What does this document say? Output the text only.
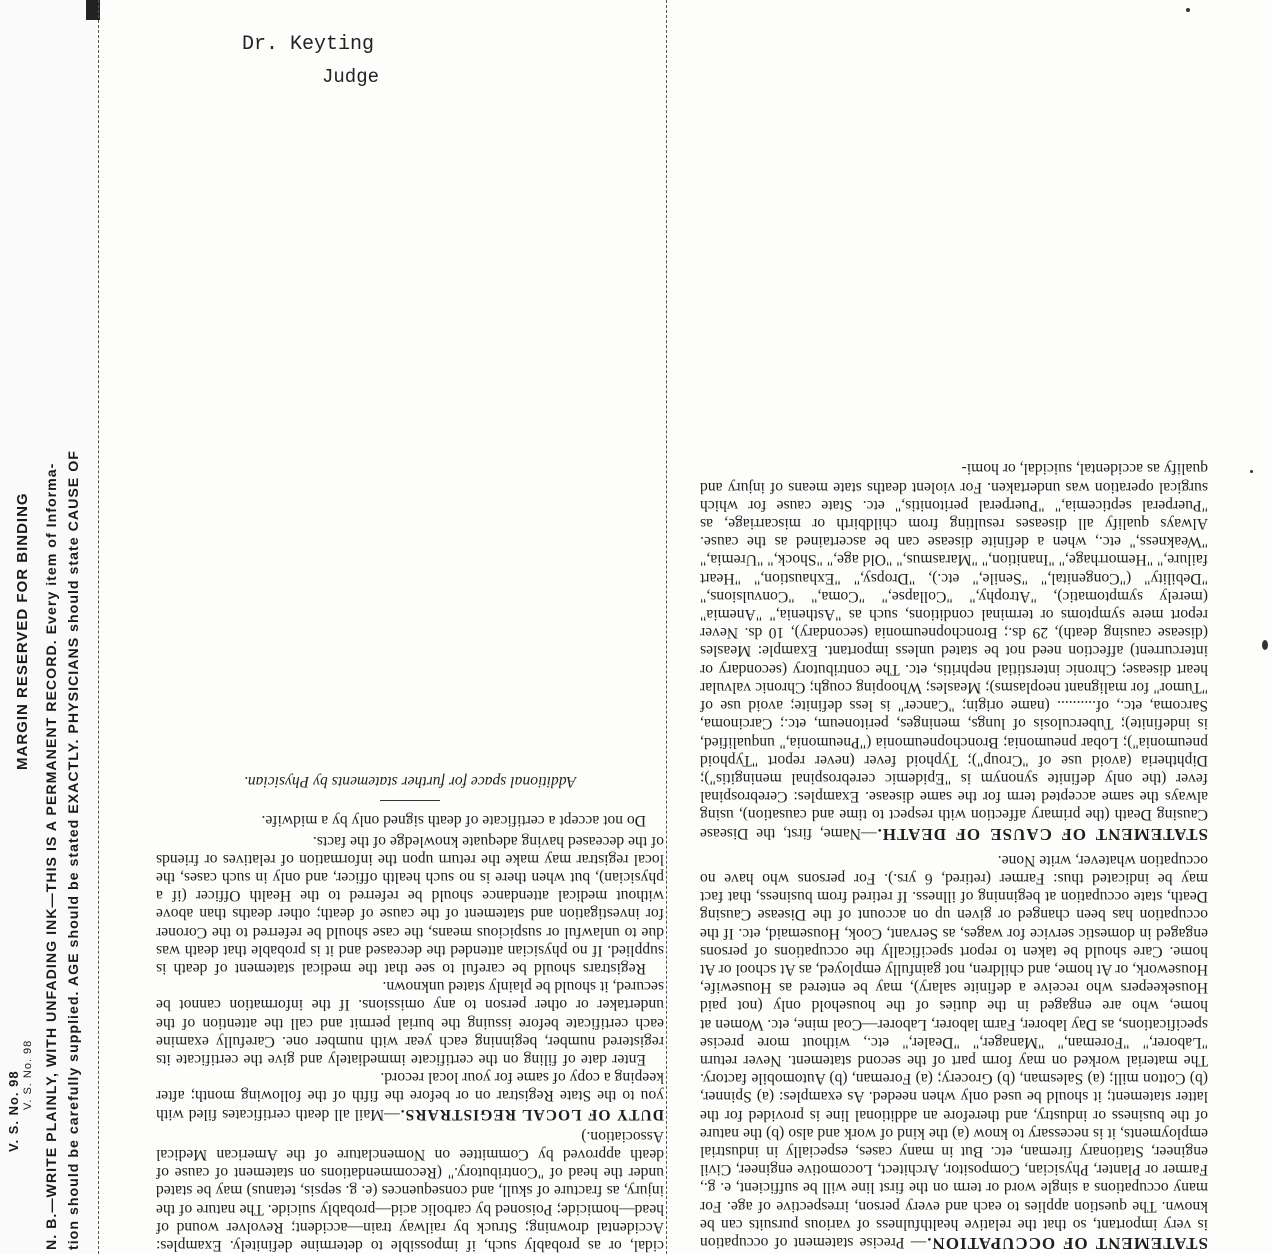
MARGIN RESERVED FOR BINDING
V. S. No. 98 V. S. No. 98 N. B.—WRITE PLAINLY, WITH UNFADING INK—THIS IS A PERMANENT RECORD. Every item of Informa- tion should be carefully supplied. AGE should be stated EXACTLY. PHYSICIANS should state CAUSE OF
Dr. Keyting
Judge

cidal, or as probably such, if impossible to determine definitely. Examples: Accidental drowning; Struck by railway train—accident; Revolver wound of head—homicide; Poisoned by carbolic acid—probably suicide. The nature of the injury, as fracture of skull, and consequences (e. g. sepsis, tetanus) may be stated under the head of "Contributory." (Recommendations on statement of cause of death approved by Committee on Nomenclature of the American Medical Association.)

DUTY OF LOCAL REGISTRARS.—Mail all death certificates filed with you to the State Registrar on or before the fifth of the following month; after keeping a copy of same for your local record.

Enter date of filing on the certificate immediately and give the certificate its registered number, beginning each year with number one. Carefully examine each certificate before issuing the burial permit and call the attention of the undertaker or other person to any omissions. If the information cannot be secured, it should be plainly stated unknown.

Registrars should be careful to see that the medical statement of death is supplied. If no physician attended the deceased and it is probable that death was due to unlawful or suspicious means, the case should be referred to the Coroner for investigation and statement of the cause of death; other deaths than above without medical attendance should be referred to the Health Officer (if a physician), but when there is no such health officer, and only in such cases, the local registrar may make the return upon the information of relatives or friends of the deceased having adequate knowledge of the facts.

Do not accept a certificate of death signed only by a midwife.

Additional space for further statements by Physician.

STATEMENT OF OCCUPATION.— Precise statement of occupation is very important, so that the relative healthfulness of various pursuits can be known. The question applies to each and every person, irrespective of age. For many occupations a single word or term on the first line will be sufficient, e. g., Farmer or Planter, Physician, Compositor, Architect, Locomotive engineer, Civil engineer, Stationary fireman, etc. But in many cases, especially in industrial employments, it is necessary to know (a) the kind of work and also (b) the nature of the business or industry, and therefore an additional line is provided for the latter statement; it should be used only when needed. As examples: (a) Spinner, (b) Cotton mill; (a) Salesman, (b) Grocery; (a) Foreman, (b) Automobile factory. The material worked on may form part of the second statement. Never return "Laborer," "Foreman," "Manager," "Dealer," etc., without more precise specifications, as Day laborer, Farm laborer, Laborer—Coal mine, etc. Women at home, who are engaged in the duties of the household only (not paid Housekeepers who receive a definite salary), may be entered as Housewife, Housework, or At home, and children, not gainfully employed, as At school or At home. Care should be taken to report specifically the occupations of persons engaged in domestic service for wages, as Servant, Cook, Housemaid, etc. If the occupation has been changed or given up on account of the Disease Causing Death, state occupation at beginning of illness. If retired from business, that fact may be indicated thus: Farmer (retired, 6 yrs.). For persons who have no occupation whatever, write None.

STATEMENT OF CAUSE OF DEATH.—Name, first, the Disease Causing Death (the primary affection with respect to time and causation), using always the same accepted term for the same disease. Examples: Cerebrospinal fever (the only definite synonym is "Epidemic cerebrospinal meningitis"); Diphtheria (avoid use of "Croup"); Typhoid fever (never report "Typhoid pneumonia"); Lobar pneumonia; Bronchopneumonia ("Pneumonia," unqualified, is indefinite); Tuberculosis of lungs, meninges, peritoneum, etc.; Carcinoma, Sarcoma, etc., of.......... (name origin; "Cancer" is less definite; avoid use of "Tumor" for malignant neoplasms); Measles; Whooping cough; Chronic valvular heart disease; Chronic interstitial nephritis, etc. The contributory (secondary or intercurrent) affection need not be stated unless important. Example: Measles (disease causing death), 29 ds.; Bronchopneumonia (secondary), 10 ds. Never report mere symptoms or terminal conditions, such as "Asthenia," "Anemia" (merely symptomatic), "Atrophy," "Collapse," "Coma," "Convulsions," "Debility" ("Congenital," "Senile," etc.), "Dropsy," "Exhaustion," "Heart failure," "Hemorrhage," "Inanition," "Marasmus," "Old age," "Shock," "Uremia," "Weakness," etc., when a definite disease can be ascertained as the cause. Always qualify all diseases resulting from childbirth or miscarriage, as "Puerperal septicemia," "Puerperal peritonitis," etc. State cause for which surgical operation was undertaken. For violent deaths state means of injury and qualify as accidental, suicidal, or homi-
